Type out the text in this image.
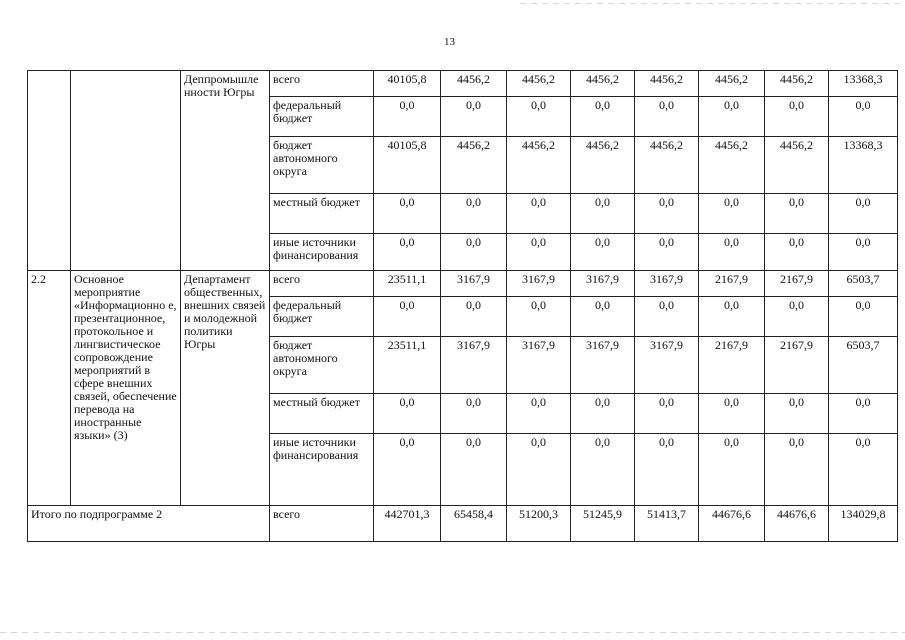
13
		Деппромышле нности Югры	всего	40105,8	4456,2	4456,2	4456,2	4456,2	4456,2	4456,2	13368,3
			федеральный бюджет	0,0	0,0	0,0	0,0	0,0	0,0	0,0	0,0
			бюджет автономного округа	40105,8	4456,2	4456,2	4456,2	4456,2	4456,2	4456,2	13368,3
			местный бюджет	0,0	0,0	0,0	0,0	0,0	0,0	0,0	0,0
			иные источники финансирования	0,0	0,0	0,0	0,0	0,0	0,0	0,0	0,0
2.2	Основное мероприятие «Информационно е, презентационное, протокольное и лингвистическое сопровождение мероприятий в сфере внешних связей, обеспечение перевода на иностранные языки» (3)	Департамент общественных, внешних связей и молодежной политики Югры	всего	23511,1	3167,9	3167,9	3167,9	3167,9	2167,9	2167,9	6503,7
			федеральный бюджет	0,0	0,0	0,0	0,0	0,0	0,0	0,0	0,0
			бюджет автономного округа	23511,1	3167,9	3167,9	3167,9	3167,9	2167,9	2167,9	6503,7
			местный бюджет	0,0	0,0	0,0	0,0	0,0	0,0	0,0	0,0
			иные источники финансирования	0,0	0,0	0,0	0,0	0,0	0,0	0,0	0,0
Итого по подпрограмме 2			всего	442701,3	65458,4	51200,3	51245,9	51413,7	44676,6	44676,6	134029,8
